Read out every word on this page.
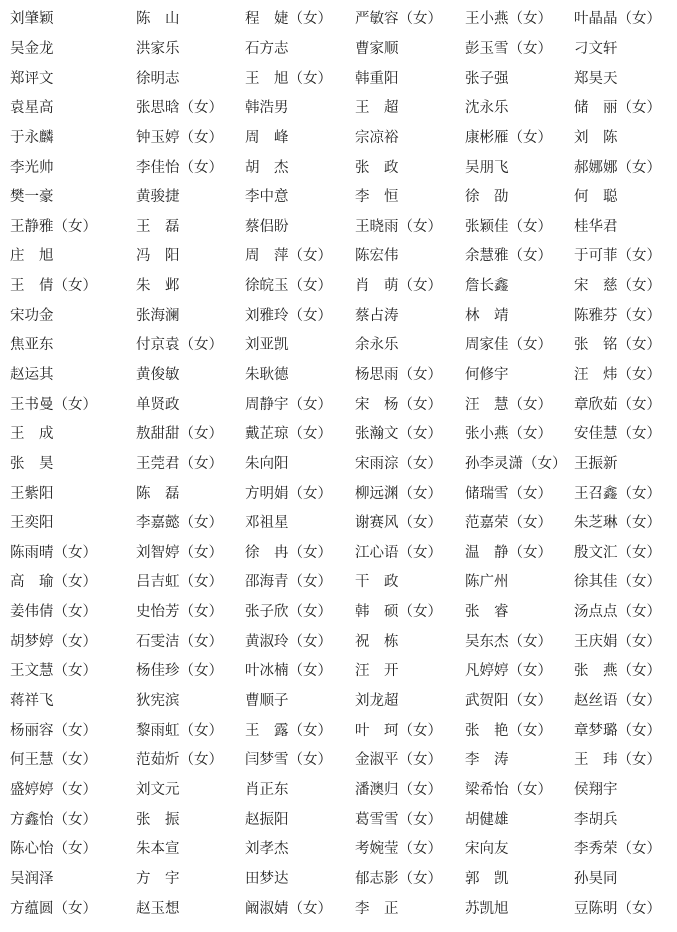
刘肇颖	陈　山	程　婕（女）	严敏容（女）	王小燕（女）	叶晶晶（女）
吴金龙	洪家乐	石方志	曹家顺	彭玉雪（女）	刁文轩
郑评文	徐明志	王　旭（女）	韩重阳	张子强	郑昊天
袁星高	张思晗（女）	韩浩男	王　超	沈永乐	储　丽（女）
于永麟	钟玉婷（女）	周　峰	宗凉裕	康彬雁（女）	刘　陈
李光帅	李佳怡（女）	胡　杰	张　政	吴朋飞	郝娜娜（女）
樊一豪	黄骏捷	李中意	李　恒	徐　劭	何　聪
王静雅（女）	王　磊	蔡侣盼	王晓雨（女）	张颖佳（女）	桂华君
庄　旭	冯　阳	周　萍（女）	陈宏伟	余慧雅（女）	于可菲（女）
王　倩（女）	朱　邺	徐皖玉（女）	肖　萌（女）	詹长鑫	宋　慈（女）
宋功金	张海澜	刘雅玲（女）	蔡占涛	林　靖	陈雅芬（女）
焦亚东	付京袁（女）	刘亚凯	余永乐	周家佳（女）	张　铭（女）
赵运其	黄俊敏	朱耿德	杨思雨（女）	何修宇	汪　炜（女）
王书曼（女）	单贤政	周静宇（女）	宋　杨（女）	汪　慧（女）	章欣茹（女）
王　成	敖甜甜（女）	戴芷琼（女）	张瀚文（女）	张小燕（女）	安佳慧（女）
张　昊	王莞君（女）	朱向阳	宋雨淙（女）	孙李灵潇（女） 王振新
王紫阳	陈　磊	方明娟（女）	柳远渊（女）	储瑞雪（女）	王召鑫（女）
王奕阳	李嘉懿（女）	邓祖星	谢赛风（女）	范嘉荣（女）	朱芝琳（女）
陈雨晴（女）	刘智婷（女）	徐　冉（女）	江心语（女）	温　静（女）	殷文汇（女）
高　瑜（女）	吕吉虹（女）	邵海青（女）	干　政	陈广州	徐其佳（女）
姜伟倩（女）	史怡芳（女）	张子欣（女）	韩　硕（女）	张　睿	汤点点（女）
胡梦婷（女）	石雯洁（女）	黄淑玲（女）	祝　栋	吴东杰（女）	王庆娟（女）
王文慧（女）	杨佳珍（女）	叶冰楠（女）	汪　开	凡婷婷（女）	张　燕（女）
蒋祥飞	狄宪滨	曹顺子	刘龙超	武贺阳（女）	赵丝语（女）
杨丽容（女）	黎雨虹（女）	王　露（女）	叶　珂（女）	张　艳（女）	章梦璐（女）
何王慧（女）	范茹炘（女）	闫梦雪（女）	金淑平（女）	李　涛	王　玮（女）
盛婷婷（女）	刘文元	肖正东	潘澳归（女）	梁希怡（女）	侯翔宇
方鑫怡（女）	张　振	赵振阳	葛雪雪（女）	胡健雄	李胡兵
陈心怡（女）	朱本宣	刘孝杰	考婉莹（女）	宋向友	李秀荣（女）
吴润泽	方　宇	田梦达	郁志影（女）	郭　凯	孙昊同
方蕴圆（女）	赵玉想	阚淑婧（女）	李　正	苏凯旭	豆陈明（女）
